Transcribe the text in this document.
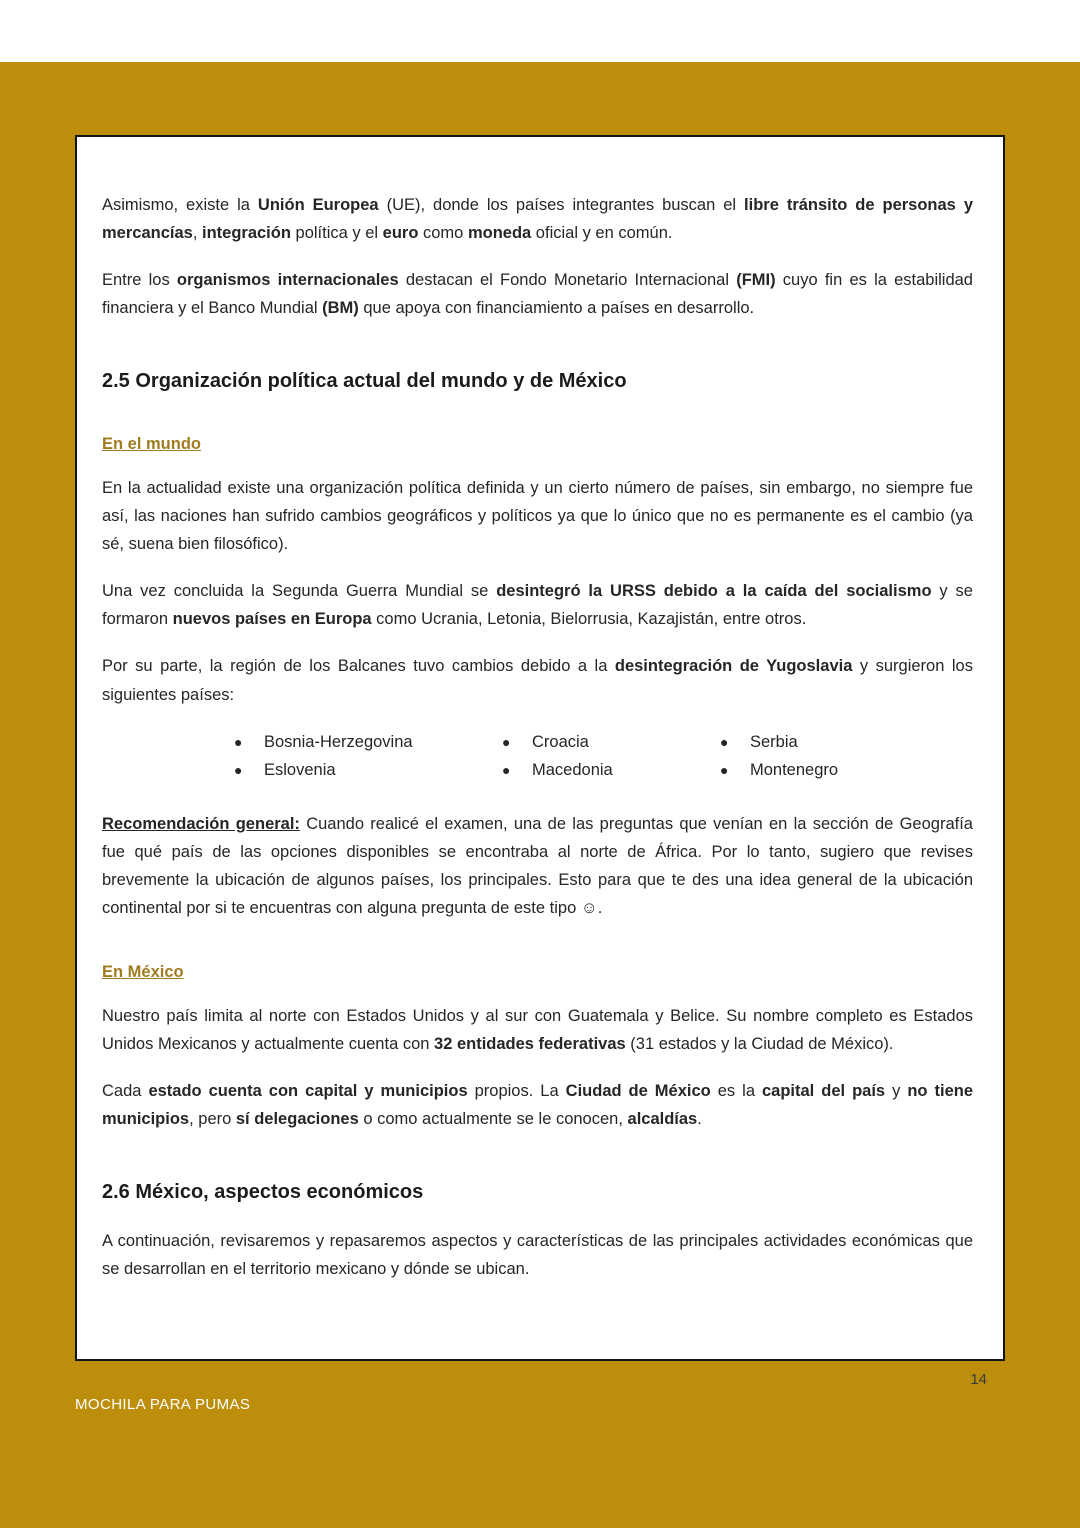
Asimismo, existe la Unión Europea (UE), donde los países integrantes buscan el libre tránsito de personas y mercancías, integración política y el euro como moneda oficial y en común.

Entre los organismos internacionales destacan el Fondo Monetario Internacional (FMI) cuyo fin es la estabilidad financiera y el Banco Mundial (BM) que apoya con financiamiento a países en desarrollo.

2.5 Organización política actual del mundo y de México
En el mundo

En la actualidad existe una organización política definida y un cierto número de países, sin embargo, no siempre fue así, las naciones han sufrido cambios geográficos y políticos ya que lo único que no es permanente es el cambio (ya sé, suena bien filosófico).

Una vez concluida la Segunda Guerra Mundial se desintegró la URSS debido a la caída del socialismo y se formaron nuevos países en Europa como Ucrania, Letonia, Bielorrusia, Kazajistán, entre otros.

Por su parte, la región de los Balcanes tuvo cambios debido a la desintegración de Yugoslavia y surgieron los siguientes países:

●	Bosnia-Herzegovina
●	Eslovenia
●	Croacia
●	Macedonia
●	Serbia
●	Montenegro

Recomendación general: Cuando realicé el examen, una de las preguntas que venían en la sección de Geografía fue qué país de las opciones disponibles se encontraba al norte de África. Por lo tanto, sugiero que revises brevemente la ubicación de algunos países, los principales. Esto para que te des una idea general de la ubicación continental por si te encuentras con alguna pregunta de este tipo ☺.

En México

Nuestro país limita al norte con Estados Unidos y al sur con Guatemala y Belice. Su nombre completo es Estados Unidos Mexicanos y actualmente cuenta con 32 entidades federativas (31 estados y la Ciudad de México).

Cada estado cuenta con capital y municipios propios. La Ciudad de México es la capital del país y no tiene municipios, pero sí delegaciones o como actualmente se le conocen, alcaldías.

2.6 México, aspectos económicos

A continuación, revisaremos y repasaremos aspectos y características de las principales actividades económicas que se desarrollan en el territorio mexicano y dónde se ubican.

14
MOCHILA PARA PUMAS
